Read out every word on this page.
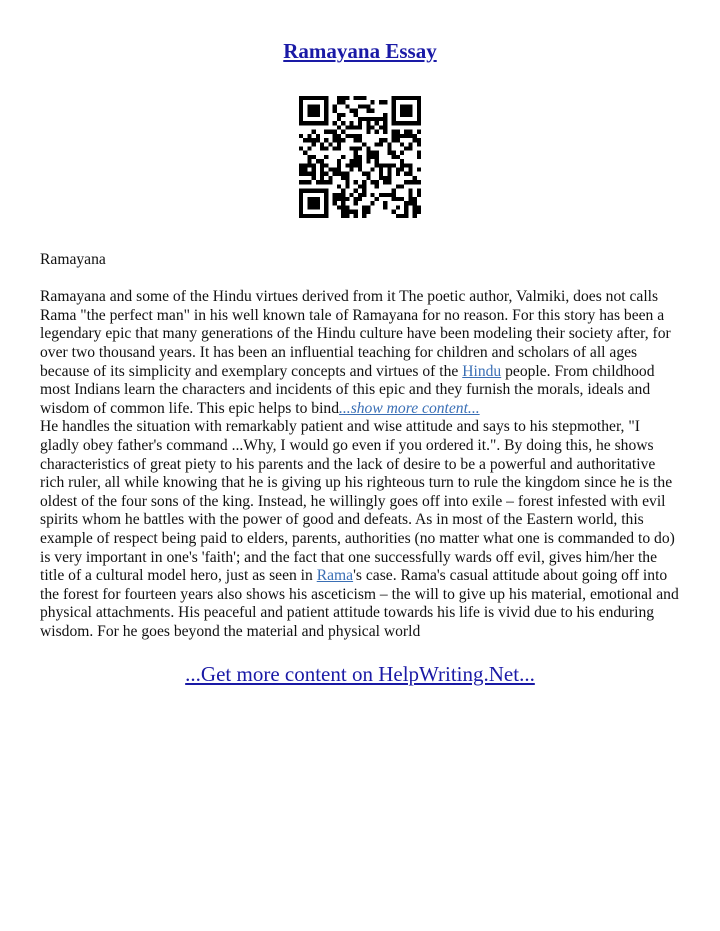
Ramayana Essay

Ramayana

Ramayana and some of the Hindu virtues derived from it The poetic author, Valmiki, does not calls Rama "the perfect man" in his well known tale of Ramayana for no reason. For this story has been a legendary epic that many generations of the Hindu culture have been modeling their society after, for over two thousand years. It has been an influential teaching for children and scholars of all ages because of its simplicity and exemplary concepts and virtues of the Hindu people. From childhood most Indians learn the characters and incidents of this epic and they furnish the morals, ideals and wisdom of common life. This epic helps to bind...show more content...

He handles the situation with remarkably patient and wise attitude and says to his stepmother, "I gladly obey father's command ...Why, I would go even if you ordered it.". By doing this, he shows characteristics of great piety to his parents and the lack of desire to be a powerful and authoritative rich ruler, all while knowing that he is giving up his righteous turn to rule the kingdom since he is the oldest of the four sons of the king. Instead, he willingly goes off into exile – forest infested with evil spirits whom he battles with the power of good and defeats. As in most of the Eastern world, this example of respect being paid to elders, parents, authorities (no matter what one is commanded to do) is very important in one's 'faith'; and the fact that one successfully wards off evil, gives him/her the title of a cultural model hero, just as seen in Rama's case. Rama's casual attitude about going off into the forest for fourteen years also shows his asceticism – the will to give up his material, emotional and physical attachments. His peaceful and patient attitude towards his life is vivid due to his enduring wisdom. For he goes beyond the material and physical world

...Get more content on HelpWriting.Net...
